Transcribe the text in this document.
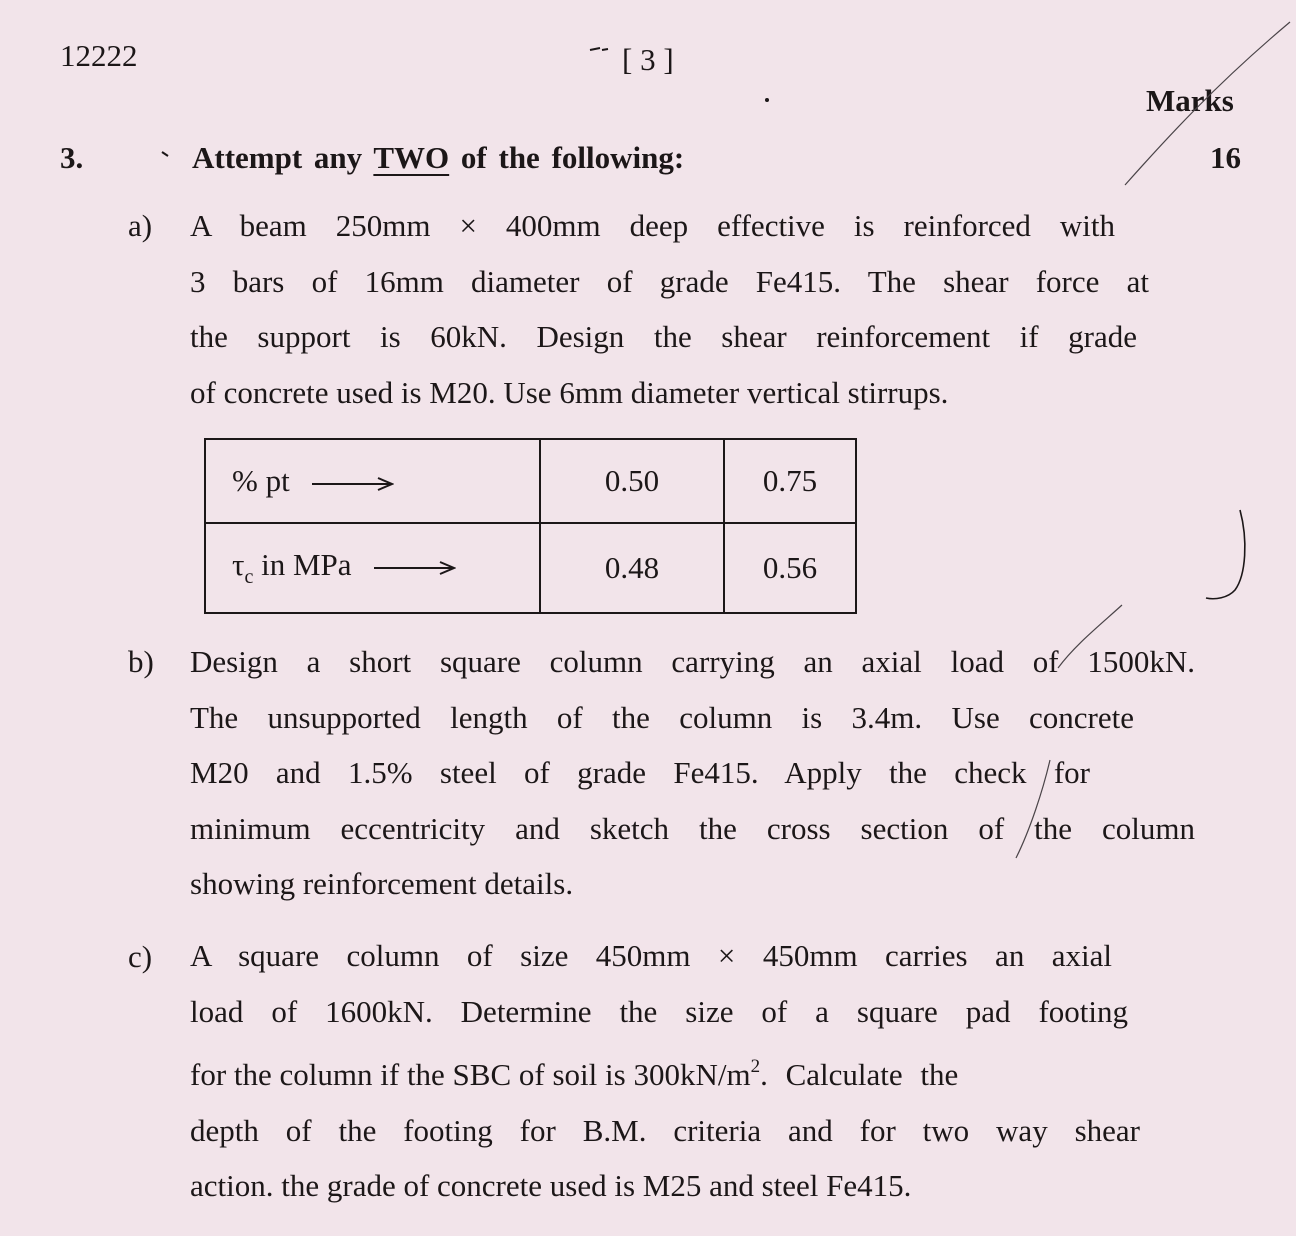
12222	[ 3 ]
Marks
3.	Attempt any TWO of the following:	16
a) A beam 250mm × 400mm deep effective is reinforced with
3 bars of 16mm diameter of grade Fe415. The shear force at
the support is 60kN. Design the shear reinforcement if grade
of concrete used is M20. Use 6mm diameter vertical stirrups.
% pt	0.50	0.75
$\tau_c$ in MPa	0.48	0.56
b) Design a short square column carrying an axial load of 1500kN.
The unsupported length of the column is 3.4m. Use concrete
M20 and 1.5% steel of grade Fe415. Apply the check for
minimum eccentricity and sketch the cross section of the column
showing reinforcement details.
c) A square column of size 450mm × 450mm carries an axial
load of 1600kN. Determine the size of a square pad footing
for the column if the SBC of soil is $300kN/m^2$. Calculate the
depth of the footing for B.M. criteria and for two way shear
action. the grade of concrete used is M25 and steel Fe415.
